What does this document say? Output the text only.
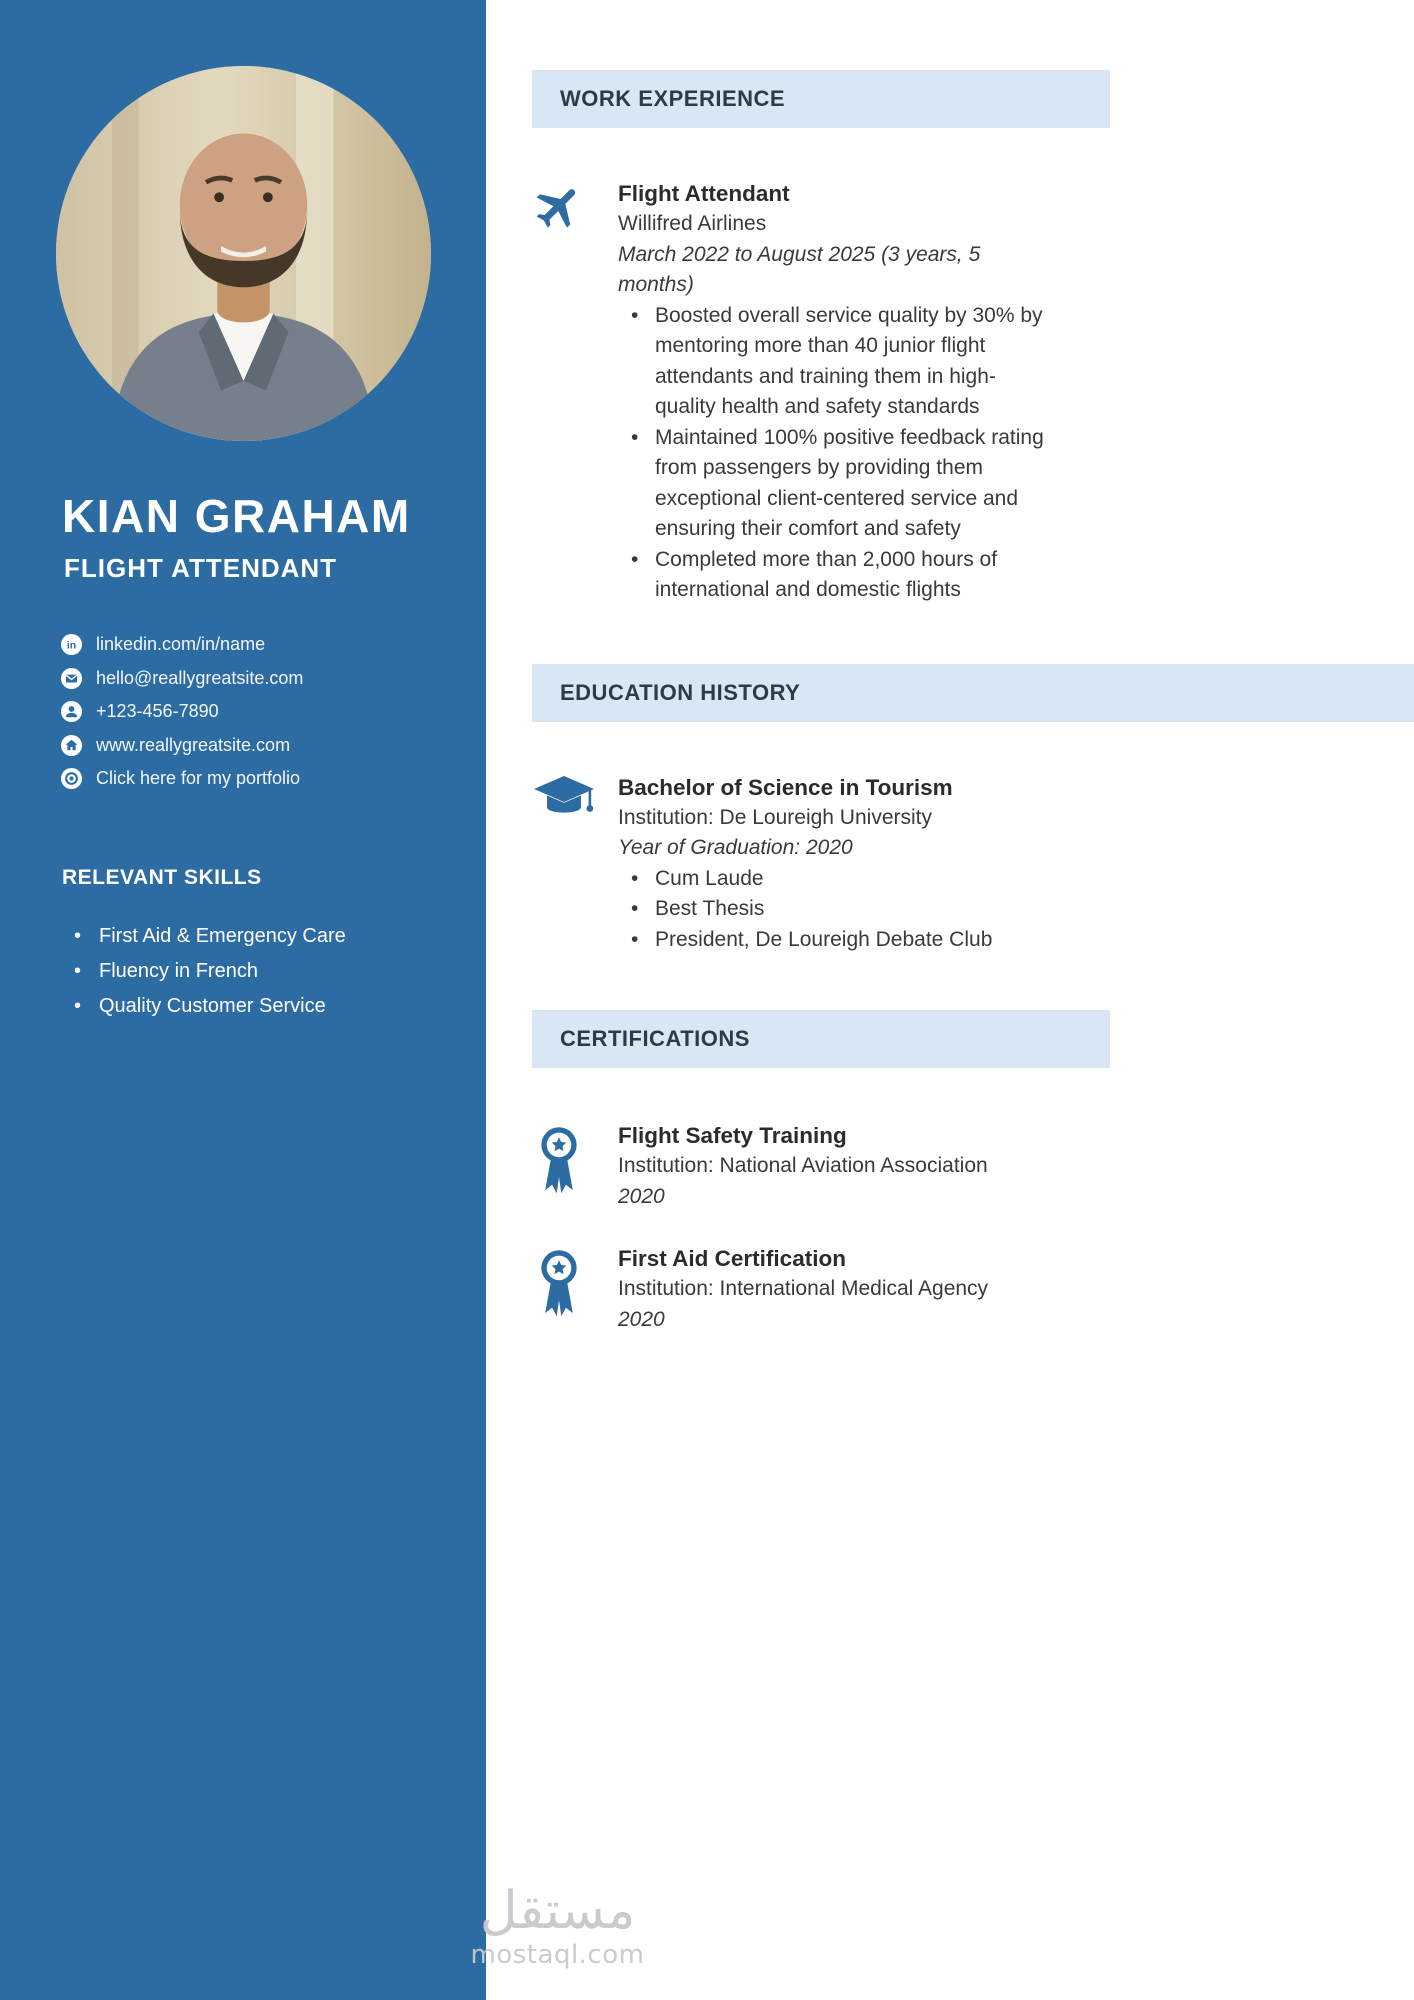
KIAN GRAHAM
FLIGHT ATTENDANT
in linkedin.com/in/name
hello@reallygreatsite.com
+123-456-7890
www.reallygreatsite.com
Click here for my portfolio
RELEVANT SKILLS
• First Aid & Emergency Care
• Fluency in French
• Quality Customer Service
WORK EXPERIENCE
Flight Attendant
Willifred Airlines
March 2022 to August 2025 (3 years, 5 months)
• Boosted overall service quality by 30% by mentoring more than 40 junior flight attendants and training them in high-quality health and safety standards
• Maintained 100% positive feedback rating from passengers by providing them exceptional client-centered service and ensuring their comfort and safety
• Completed more than 2,000 hours of international and domestic flights
EDUCATION HISTORY
Bachelor of Science in Tourism
Institution: De Loureigh University
Year of Graduation: 2020
• Cum Laude
• Best Thesis
• President, De Loureigh Debate Club
CERTIFICATIONS
Flight Safety Training
Institution: National Aviation Association
2020
First Aid Certification
Institution: International Medical Agency
2020
مستقل
mostaql.com
